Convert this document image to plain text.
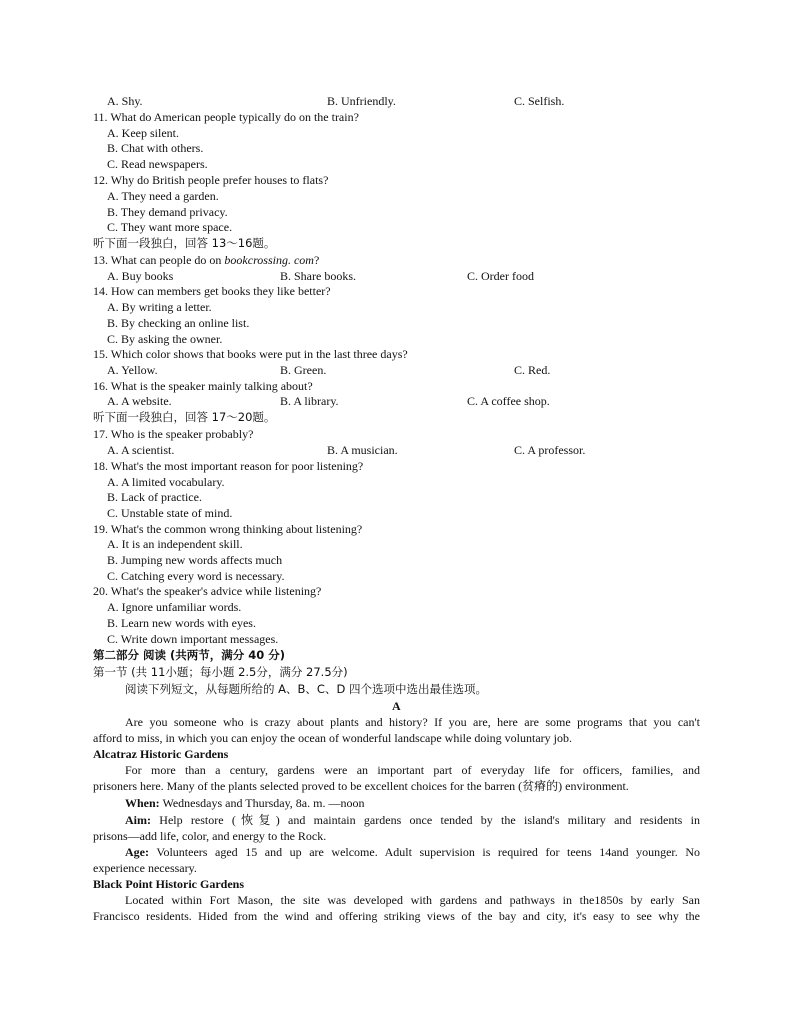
A. Shy.	B. Unfriendly.	C. Selfish.
11. What do American people typically do on the train?
A. Keep silent.
B. Chat with others.
C. Read newspapers.
12. Why do British people prefer houses to flats?
A. They need a garden.
B. They demand privacy.
C. They want more space.
听下面一段独白，回答 13～16题。
13. What can people do on bookcrossing. com?
A. Buy books	B. Share books.	C. Order food
14. How can members get books they like better?
A. By writing a letter.
B. By checking an online list.
C. By asking the owner.
15. Which color shows that books were put in the last three days?
A. Yellow.	B. Green.	C. Red.
16. What is the speaker mainly talking about?
A. A website.	B. A library.	C. A coffee shop.
听下面一段独白，回答 17～20题。
17. Who is the speaker probably?
A. A scientist.	B. A musician.	C. A professor.
18. What's the most important reason for poor listening?
A. A limited vocabulary.
B. Lack of practice.
C. Unstable state of mind.
19. What's the common wrong thinking about listening?
A. It is an independent skill.
B. Jumping new words affects much
C. Catching every word is necessary.
20. What's the speaker's advice while listening?
A. Ignore unfamiliar words.
B. Learn new words with eyes.
C. Write down important messages.
第二部分 阅读 (共两节，满分 40 分)
第一节 (共 11小题；每小题 2.5分，满分 27.5分)
阅读下列短文，从每题所给的 A、B、C、D 四个选项中选出最佳选项。
A
Are you someone who is crazy about plants and history? If you are, here are some programs that you can't
afford to miss, in which you can enjoy the ocean of wonderful landscape while doing voluntary job.
Alcatraz Historic Gardens
For more than a century, gardens were an important part of everyday life for officers, families, and
prisoners here. Many of the plants selected proved to be excellent choices for the barren (贫瘠的) environment.
When: Wednesdays and Thursday, 8a. m. —noon
Aim: Help restore (恢复) and maintain gardens once tended by the island's military and residents in
prisons—add life, color, and energy to the Rock.
Age: Volunteers aged 15 and up are welcome. Adult supervision is required for teens 14and younger. No
experience necessary.
Black Point Historic Gardens
Located within Fort Mason, the site was developed with gardens and pathways in the1850s by early San
Francisco residents. Hided from the wind and offering striking views of the bay and city, it's easy to see why the
